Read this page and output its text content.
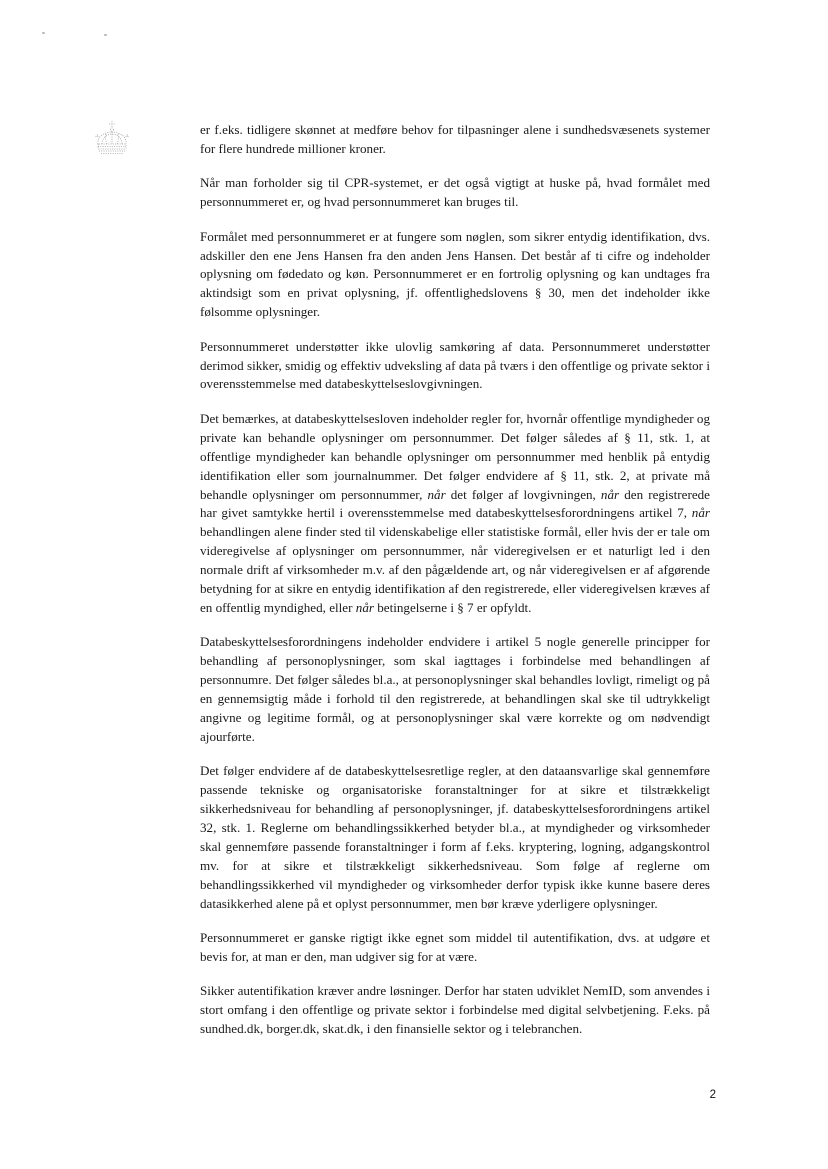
er f.eks. tidligere skønnet at medføre behov for tilpasninger alene i sundhedsvæsenets systemer for flere hundrede millioner kroner.

Når man forholder sig til CPR-systemet, er det også vigtigt at huske på, hvad formålet med personnummeret er, og hvad personnummeret kan bruges til.

Formålet med personnummeret er at fungere som nøglen, som sikrer entydig identifikation, dvs. adskiller den ene Jens Hansen fra den anden Jens Hansen. Det består af ti cifre og indeholder oplysning om fødedato og køn. Personnummeret er en fortrolig oplysning og kan undtages fra aktindsigt som en privat oplysning, jf. offentlighedslovens § 30, men det indeholder ikke følsomme oplysninger.

Personnummeret understøtter ikke ulovlig samkøring af data. Personnummeret understøtter derimod sikker, smidig og effektiv udveksling af data på tværs i den offentlige og private sektor i overensstemmelse med databeskyttelseslovgivningen.

Det bemærkes, at databeskyttelsesloven indeholder regler for, hvornår offentlige myndigheder og private kan behandle oplysninger om personnummer. Det følger således af § 11, stk. 1, at offentlige myndigheder kan behandle oplysninger om personnummer med henblik på entydig identifikation eller som journalnummer. Det følger endvidere af § 11, stk. 2, at private må behandle oplysninger om personnummer, når det følger af lovgivningen, når den registrerede har givet samtykke hertil i overensstemmelse med databeskyttelsesforordningens artikel 7, når behandlingen alene finder sted til videnskabelige eller statistiske formål, eller hvis der er tale om videregivelse af oplysninger om personnummer, når videregivelsen er et naturligt led i den normale drift af virksomheder m.v. af den pågældende art, og når videregivelsen er af afgørende betydning for at sikre en entydig identifikation af den registrerede, eller videregivelsen kræves af en offentlig myndighed, eller når betingelserne i § 7 er opfyldt.

Databeskyttelsesforordningens indeholder endvidere i artikel 5 nogle generelle principper for behandling af personoplysninger, som skal iagttages i forbindelse med behandlingen af personnumre. Det følger således bl.a., at personoplysninger skal behandles lovligt, rimeligt og på en gennemsigtig måde i forhold til den registrerede, at behandlingen skal ske til udtrykkeligt angivne og legitime formål, og at personoplysninger skal være korrekte og om nødvendigt ajourførte.

Det følger endvidere af de databeskyttelsesretlige regler, at den dataansvarlige skal gennemføre passende tekniske og organisatoriske foranstaltninger for at sikre et tilstrækkeligt sikkerhedsniveau for behandling af personoplysninger, jf. databeskyttelsesforordningens artikel 32, stk. 1. Reglerne om behandlingssikkerhed betyder bl.a., at myndigheder og virksomheder skal gennemføre passende foranstaltninger i form af f.eks. kryptering, logning, adgangskontrol mv. for at sikre et tilstrækkeligt sikkerhedsniveau. Som følge af reglerne om behandlingssikkerhed vil myndigheder og virksomheder derfor typisk ikke kunne basere deres datasikkerhed alene på et oplyst personnummer, men bør kræve yderligere oplysninger.

Personnummeret er ganske rigtigt ikke egnet som middel til autentifikation, dvs. at udgøre et bevis for, at man er den, man udgiver sig for at være.

Sikker autentifikation kræver andre løsninger. Derfor har staten udviklet NemID, som anvendes i stort omfang i den offentlige og private sektor i forbindelse med digital selvbetjening. F.eks. på sundhed.dk, borger.dk, skat.dk, i den finansielle sektor og i telebranchen.

2
